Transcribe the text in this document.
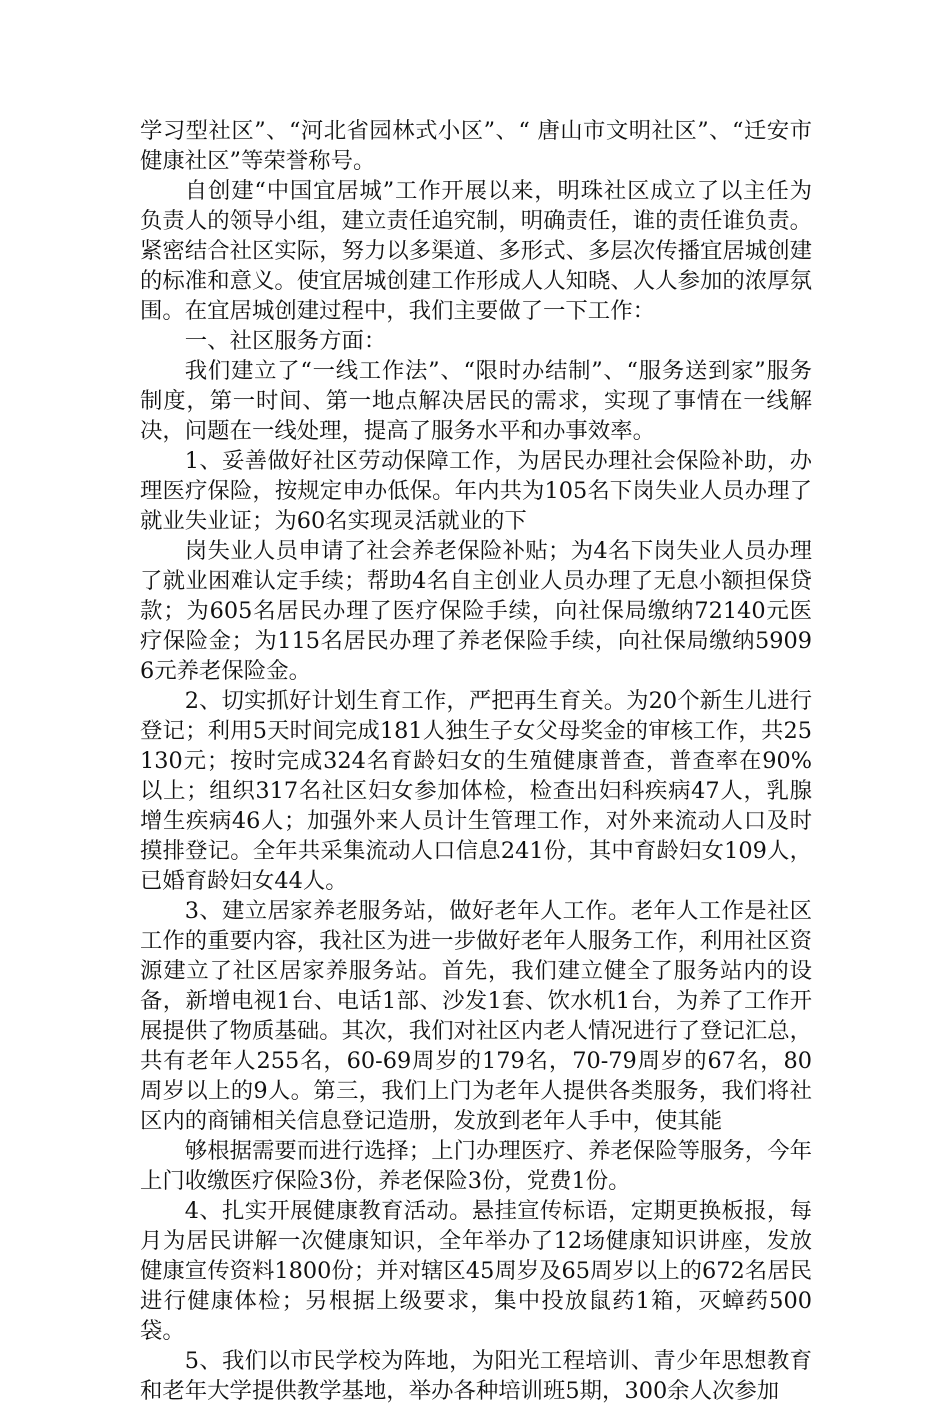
学习型社区”、“河北省园林式小区”、“ 唐山市文明社区”、“迁安市健康社区”等荣誉称号。

自创建“中国宜居城”工作开展以来，明珠社区成立了以主任为负责人的领导小组，建立责任追究制，明确责任，谁的责任谁负责。紧密结合社区实际，努力以多渠道、多形式、多层次传播宜居城创建的标准和意义。使宜居城创建工作形成人人知晓、人人参加的浓厚氛围。在宜居城创建过程中，我们主要做了一下工作：

一、社区服务方面：

我们建立了“一线工作法”、“限时办结制”、“服务送到家”服务制度，第一时间、第一地点解决居民的需求，实现了事情在一线解决，问题在一线处理，提高了服务水平和办事效率。

1、妥善做好社区劳动保障工作，为居民办理社会保险补助，办理医疗保险，按规定申办低保。年内共为105名下岗失业人员办理了就业失业证；为60名实现灵活就业的下

岗失业人员申请了社会养老保险补贴；为4名下岗失业人员办理了就业困难认定手续；帮助4名自主创业人员办理了无息小额担保贷款；为605名居民办理了医疗保险手续，向社保局缴纳72140元医疗保险金；为115名居民办理了养老保险手续，向社保局缴纳59096元养老保险金。

2、切实抓好计划生育工作，严把再生育关。为20个新生儿进行登记；利用5天时间完成181人独生子女父母奖金的审核工作，共25130元；按时完成324名育龄妇女的生殖健康普查，普查率在90%以上；组织317名社区妇女参加体检，检查出妇科疾病47人，乳腺增生疾病46人；加强外来人员计生管理工作，对外来流动人口及时摸排登记。全年共采集流动人口信息241份，其中育龄妇女109人，已婚育龄妇女44人。

3、建立居家养老服务站，做好老年人工作。老年人工作是社区工作的重要内容，我社区为进一步做好老年人服务工作，利用社区资源建立了社区居家养服务站。首先，我们建立健全了服务站内的设备，新增电视1台、电话1部、沙发1套、饮水机1台，为养了工作开展提供了物质基础。其次，我们对社区内老人情况进行了登记汇总，共有老年人255名，60-69周岁的179名，70-79周岁的67名，80周岁以上的9人。第三，我们上门为老年人提供各类服务，我们将社区内的商铺相关信息登记造册，发放到老年人手中，使其能

够根据需要而进行选择；上门办理医疗、养老保险等服务，今年上门收缴医疗保险3份，养老保险3份，党费1份。

4、扎实开展健康教育活动。悬挂宣传标语，定期更换板报，每月为居民讲解一次健康知识，全年举办了12场健康知识讲座，发放健康宣传资料1800份；并对辖区45周岁及65周岁以上的672名居民进行健康体检；另根据上级要求，集中投放鼠药1箱，灭蟑药500袋。

5、我们以市民学校为阵地，为阳光工程培训、青少年思想教育和老年大学提供教学基地，举办各种培训班5期，300余人次参加
